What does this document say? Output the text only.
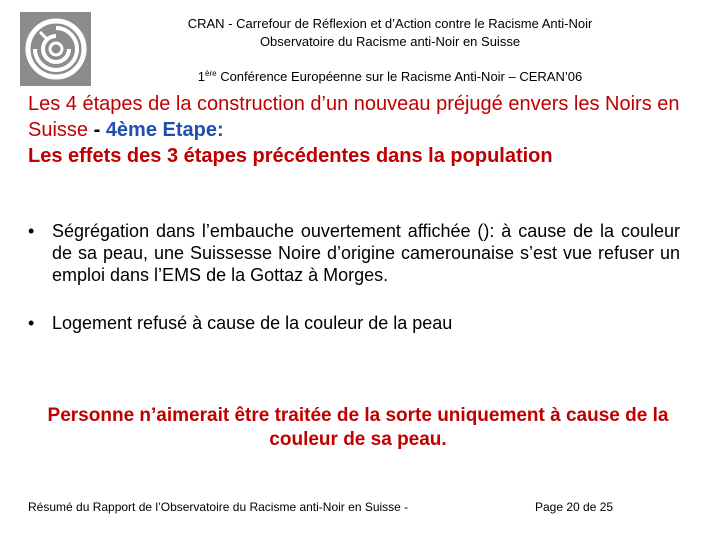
CRAN - Carrefour de Réflexion et d’Action contre le Racisme Anti-Noir
Observatoire du Racisme anti-Noir en Suisse
1ère Conférence Européenne sur le Racisme Anti-Noir – CERAN’06
Les 4 étapes de la construction d’un nouveau préjugé envers les Noirs en Suisse - 4ème Etape:
Les effets des 3 étapes précédentes dans la population
• Ségrégation dans l’embauche ouvertement affichée (): à cause de la couleur de sa peau, une Suissesse Noire d’origine camerounaise s’est vue refuser un emploi dans l’EMS de la Gottaz à Morges.
• Logement refusé à cause de la couleur de la peau
Personne n’aimerait être traitée de la sorte uniquement à cause de la couleur de sa peau.
Résumé du Rapport de l’Observatoire du Racisme anti-Noir en Suisse -	Page 20 de 25
